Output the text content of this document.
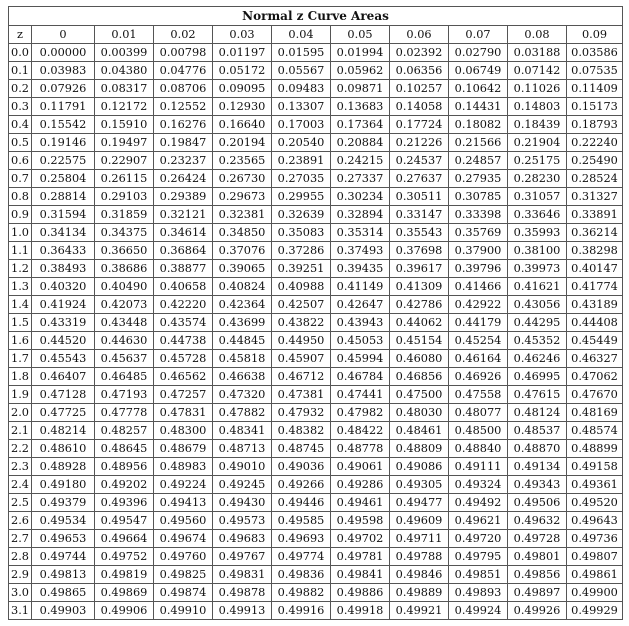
Normal z Curve Areas										
z	0	0.01	0.02	0.03	0.04	0.05	0.06	0.07	0.08	0.09
0.0	0.00000	0.00399	0.00798	0.01197	0.01595	0.01994	0.02392	0.02790	0.03188	0.03586
0.1	0.03983	0.04380	0.04776	0.05172	0.05567	0.05962	0.06356	0.06749	0.07142	0.07535
0.2	0.07926	0.08317	0.08706	0.09095	0.09483	0.09871	0.10257	0.10642	0.11026	0.11409
0.3	0.11791	0.12172	0.12552	0.12930	0.13307	0.13683	0.14058	0.14431	0.14803	0.15173
0.4	0.15542	0.15910	0.16276	0.16640	0.17003	0.17364	0.17724	0.18082	0.18439	0.18793
0.5	0.19146	0.19497	0.19847	0.20194	0.20540	0.20884	0.21226	0.21566	0.21904	0.22240
0.6	0.22575	0.22907	0.23237	0.23565	0.23891	0.24215	0.24537	0.24857	0.25175	0.25490
0.7	0.25804	0.26115	0.26424	0.26730	0.27035	0.27337	0.27637	0.27935	0.28230	0.28524
0.8	0.28814	0.29103	0.29389	0.29673	0.29955	0.30234	0.30511	0.30785	0.31057	0.31327
0.9	0.31594	0.31859	0.32121	0.32381	0.32639	0.32894	0.33147	0.33398	0.33646	0.33891
1.0	0.34134	0.34375	0.34614	0.34850	0.35083	0.35314	0.35543	0.35769	0.35993	0.36214
1.1	0.36433	0.36650	0.36864	0.37076	0.37286	0.37493	0.37698	0.37900	0.38100	0.38298
1.2	0.38493	0.38686	0.38877	0.39065	0.39251	0.39435	0.39617	0.39796	0.39973	0.40147
1.3	0.40320	0.40490	0.40658	0.40824	0.40988	0.41149	0.41309	0.41466	0.41621	0.41774
1.4	0.41924	0.42073	0.42220	0.42364	0.42507	0.42647	0.42786	0.42922	0.43056	0.43189
1.5	0.43319	0.43448	0.43574	0.43699	0.43822	0.43943	0.44062	0.44179	0.44295	0.44408
1.6	0.44520	0.44630	0.44738	0.44845	0.44950	0.45053	0.45154	0.45254	0.45352	0.45449
1.7	0.45543	0.45637	0.45728	0.45818	0.45907	0.45994	0.46080	0.46164	0.46246	0.46327
1.8	0.46407	0.46485	0.46562	0.46638	0.46712	0.46784	0.46856	0.46926	0.46995	0.47062
1.9	0.47128	0.47193	0.47257	0.47320	0.47381	0.47441	0.47500	0.47558	0.47615	0.47670
2.0	0.47725	0.47778	0.47831	0.47882	0.47932	0.47982	0.48030	0.48077	0.48124	0.48169
2.1	0.48214	0.48257	0.48300	0.48341	0.48382	0.48422	0.48461	0.48500	0.48537	0.48574
2.2	0.48610	0.48645	0.48679	0.48713	0.48745	0.48778	0.48809	0.48840	0.48870	0.48899
2.3	0.48928	0.48956	0.48983	0.49010	0.49036	0.49061	0.49086	0.49111	0.49134	0.49158
2.4	0.49180	0.49202	0.49224	0.49245	0.49266	0.49286	0.49305	0.49324	0.49343	0.49361
2.5	0.49379	0.49396	0.49413	0.49430	0.49446	0.49461	0.49477	0.49492	0.49506	0.49520
2.6	0.49534	0.49547	0.49560	0.49573	0.49585	0.49598	0.49609	0.49621	0.49632	0.49643
2.7	0.49653	0.49664	0.49674	0.49683	0.49693	0.49702	0.49711	0.49720	0.49728	0.49736
2.8	0.49744	0.49752	0.49760	0.49767	0.49774	0.49781	0.49788	0.49795	0.49801	0.49807
2.9	0.49813	0.49819	0.49825	0.49831	0.49836	0.49841	0.49846	0.49851	0.49856	0.49861
3.0	0.49865	0.49869	0.49874	0.49878	0.49882	0.49886	0.49889	0.49893	0.49897	0.49900
3.1	0.49903	0.49906	0.49910	0.49913	0.49916	0.49918	0.49921	0.49924	0.49926	0.49929
